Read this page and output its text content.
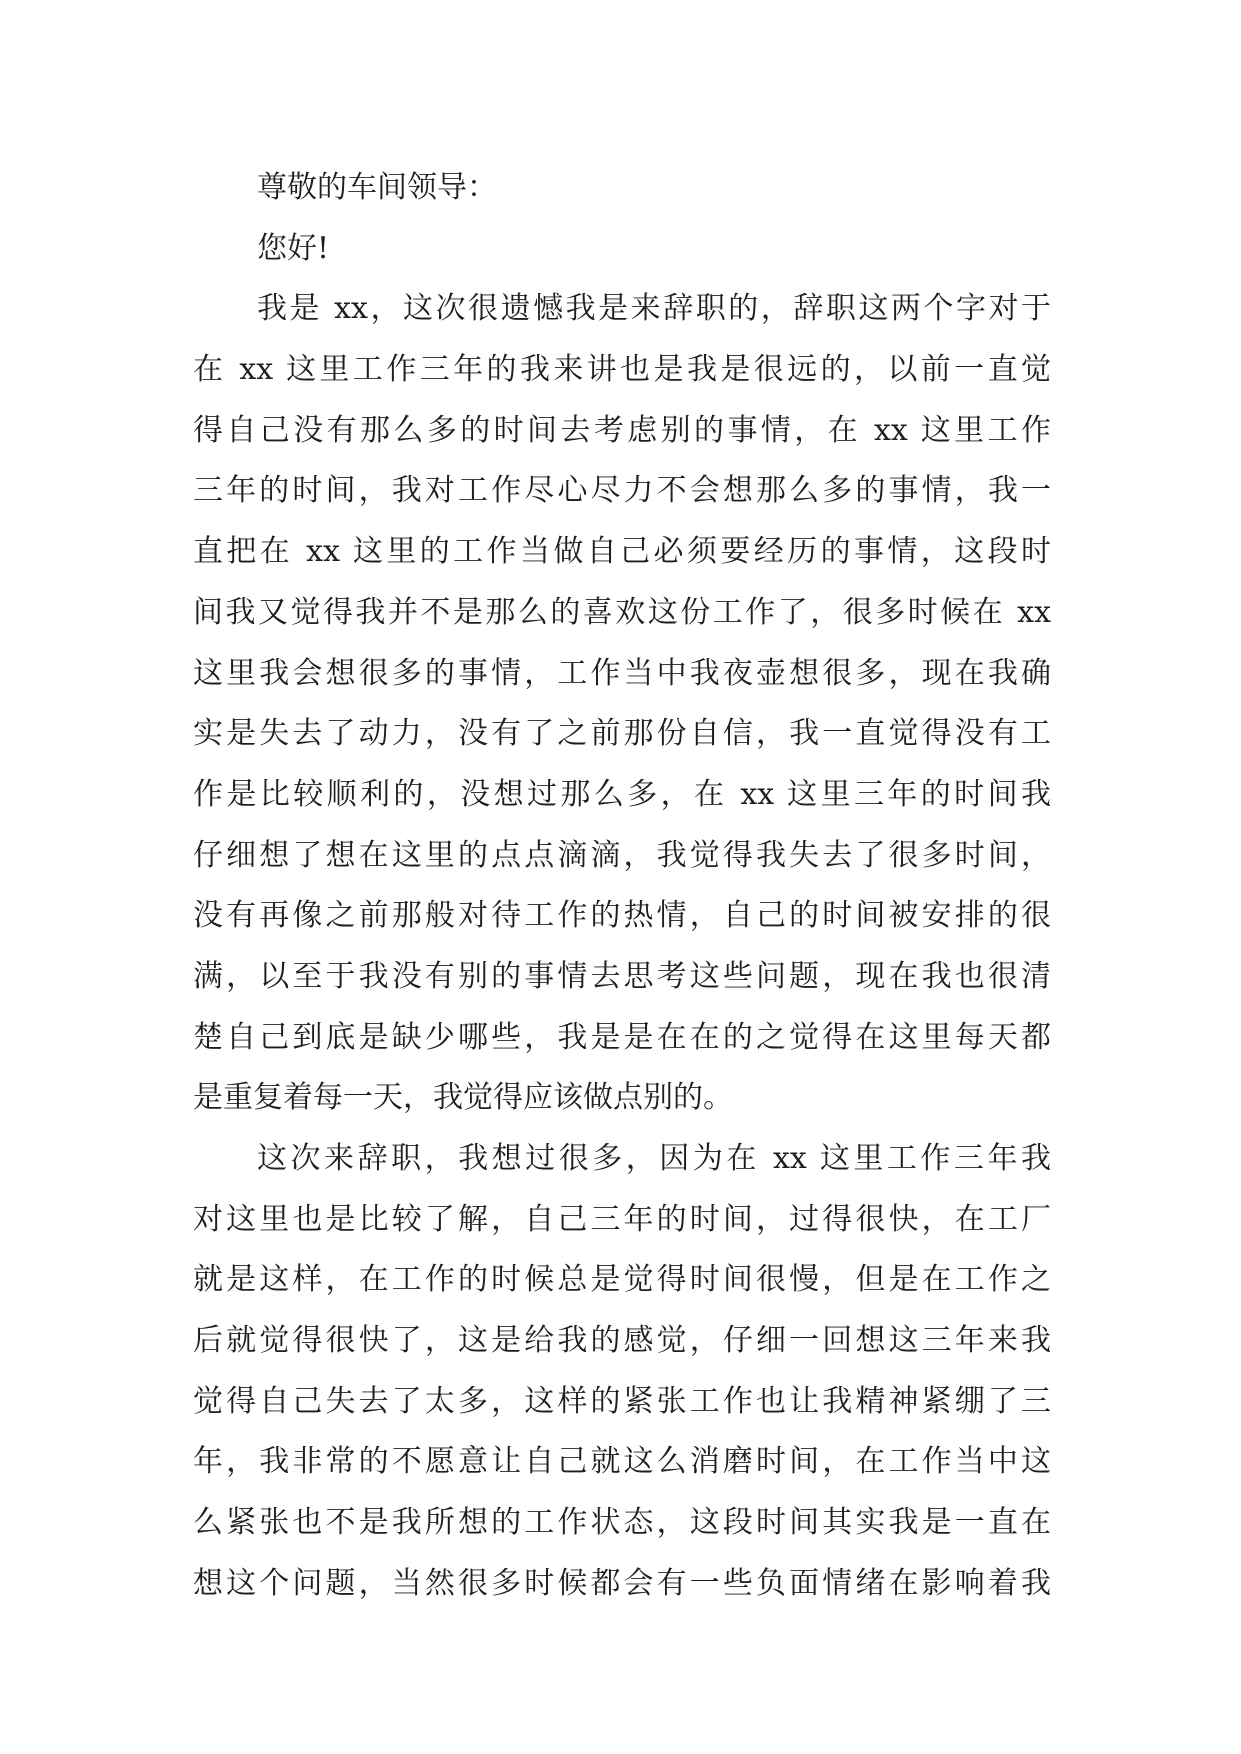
尊敬的车间领导：
您好!
我是 xx，这次很遗憾我是来辞职的，辞职这两个字对于
在 xx 这里工作三年的我来讲也是我是很远的，以前一直觉
得自己没有那么多的时间去考虑别的事情，在 xx 这里工作
三年的时间，我对工作尽心尽力不会想那么多的事情，我一
直把在 xx 这里的工作当做自己必须要经历的事情，这段时
间我又觉得我并不是那么的喜欢这份工作了，很多时候在 xx
这里我会想很多的事情，工作当中我夜壶想很多，现在我确
实是失去了动力，没有了之前那份自信，我一直觉得没有工
作是比较顺利的，没想过那么多，在 xx 这里三年的时间我
仔细想了想在这里的点点滴滴，我觉得我失去了很多时间，
没有再像之前那般对待工作的热情，自己的时间被安排的很
满，以至于我没有别的事情去思考这些问题，现在我也很清
楚自己到底是缺少哪些，我是是在在的之觉得在这里每天都
是重复着每一天，我觉得应该做点别的。
这次来辞职，我想过很多，因为在 xx 这里工作三年我
对这里也是比较了解，自己三年的时间，过得很快，在工厂
就是这样，在工作的时候总是觉得时间很慢，但是在工作之
后就觉得很快了，这是给我的感觉，仔细一回想这三年来我
觉得自己失去了太多，这样的紧张工作也让我精神紧绷了三
年，我非常的不愿意让自己就这么消磨时间，在工作当中这
么紧张也不是我所想的工作状态，这段时间其实我是一直在
想这个问题，当然很多时候都会有一些负面情绪在影响着我
